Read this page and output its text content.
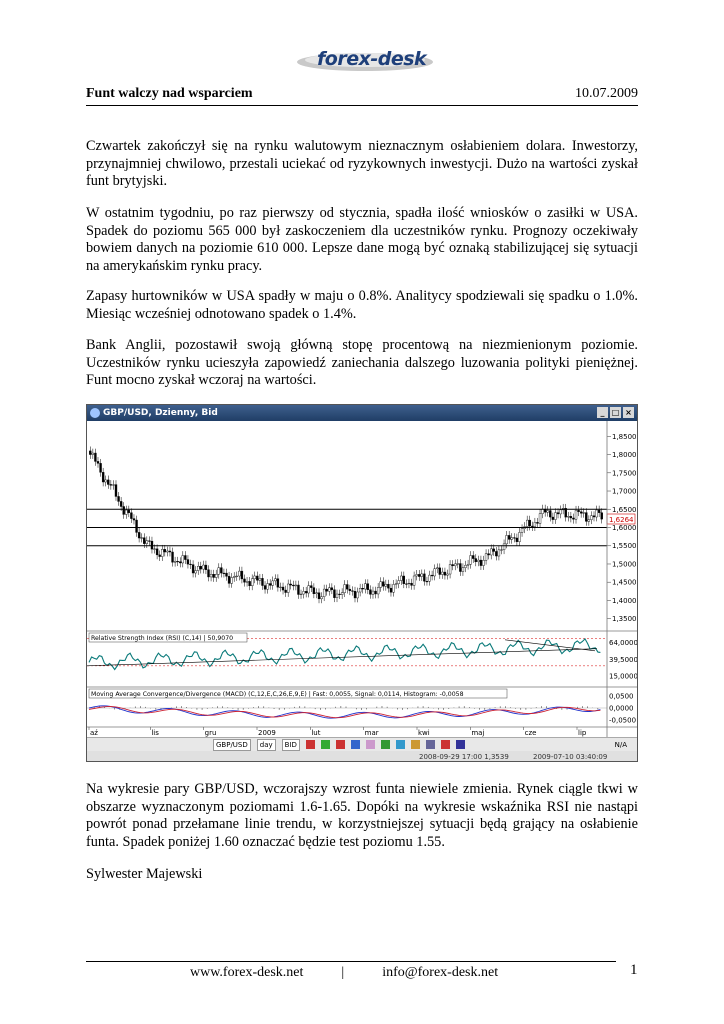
forex-desk
Funt walczy nad wsparciem	10.07.2009

Czwartek zakończył się na rynku walutowym nieznacznym osłabieniem dolara. Inwestorzy, przynajmniej chwilowo, przestali uciekać od ryzykownych inwestycji. Dużo na wartości zyskał funt brytyjski.

W ostatnim tygodniu, po raz pierwszy od stycznia, spadła ilość wniosków o zasiłki w USA. Spadek do poziomu 565 000 był zaskoczeniem dla uczestników rynku. Prognozy oczekiwały bowiem danych na poziomie 610 000. Lepsze dane mogą być oznaką stabilizującej się sytuacji na amerykańskim rynku pracy.

Zapasy hurtowników w USA spadły w maju o 0.8%. Analitycy spodziewali się spadku o 1.0%. Miesiąc wcześniej odnotowano spadek o 1.4%.

Bank Anglii, pozostawił swoją główną stopę procentową na niezmienionym poziomie. Uczestników rynku ucieszyła zapowiedź zaniechania dalszego luzowania polityki pieniężnej. Funt mocno zyskał wczoraj na wartości.

GBP/USD, Dzienny, Bid	_ □ ×
1,8500
1,8000
1,7500
1,7000
1,6500
1,6000
1,5500
1,5000
1,4500
1,4000
1,3500
1,6264
64,0000
39,5000
15,0000
Relative Strength Index (RSI) (C,14) | 50,9070
0,0500
0,0000
-0,0500
Moving Average Convergence/Divergence (MACD) (C,12,E,C,26,E,9,E) | Fast: 0,0055, Signal: 0,0114, Histogram: -0,0058
aź	lis	gru	2009	lut	mar	kwi	maj	cze	lip
GBP/USD	day	BID	N/A
2008-09-29 17:00 1,3539	2009-07-10 03:40:09

Na wykresie pary GBP/USD, wczorajszy wzrost funta niewiele zmienia. Rynek ciągle tkwi w obszarze wyznaczonym poziomami 1.6-1.65. Dopóki na wykresie wskaźnika RSI nie nastąpi powrót ponad przełamane linie trendu, w korzystniejszej sytuacji będą grający na osłabienie funta. Spadek poniżej 1.60 oznaczać będzie test poziomu 1.55.

Sylwester Majewski

www.forex-desk.net	|	info@forex-desk.net	1
